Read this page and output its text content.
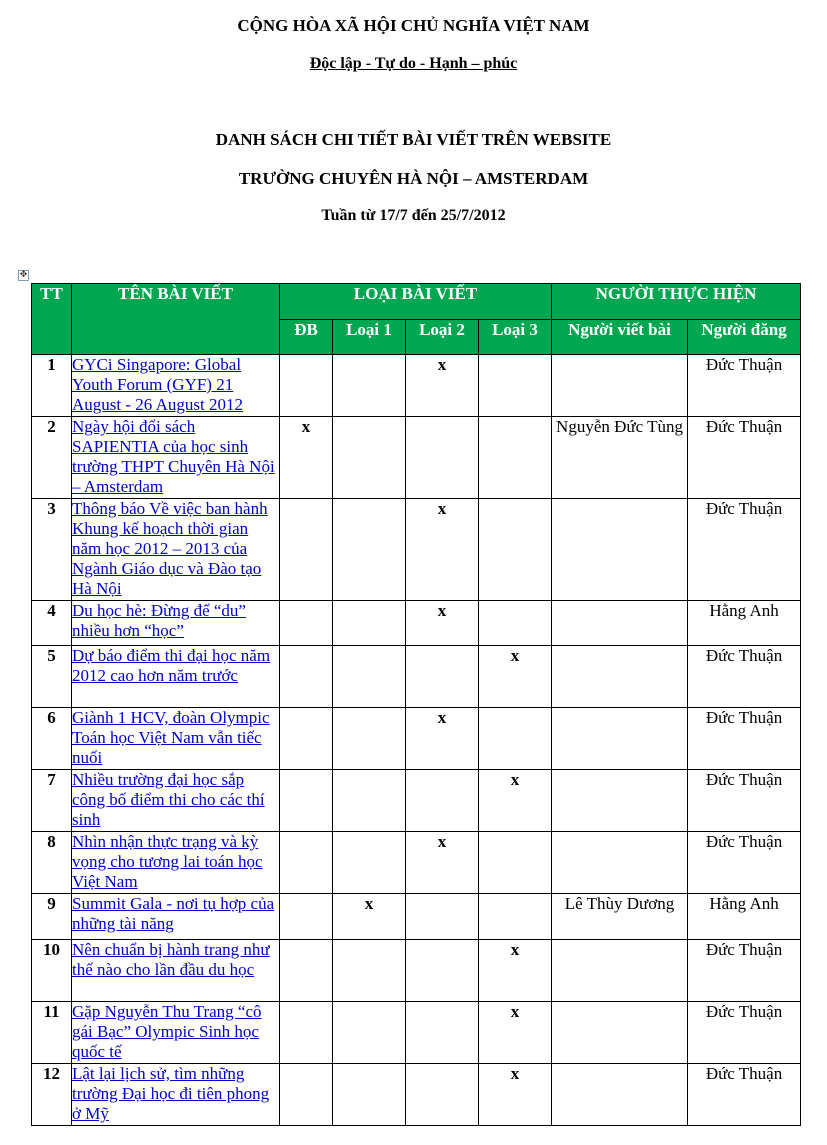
CỘNG HÒA XÃ HỘI CHỦ NGHĨA VIỆT NAM
Độc lập - Tự do - Hạnh – phúc
DANH SÁCH CHI TIẾT BÀI VIẾT TRÊN WEBSITE
TRƯỜNG CHUYÊN HÀ NỘI – AMSTERDAM
Tuần từ 17/7 đến 25/7/2012
✥
TT	TÊN BÀI VIẾT	LOẠI BÀI VIẾT				NGƯỜI THỰC HIỆN	
		ĐB	Loại 1	Loại 2	Loại 3	Người viết bài	Người đăng
1	GYCi Singapore: Global Youth Forum (GYF) 21 August - 26 August 2012			x			Đức Thuận
2	Ngày hội đổi sách SAPIENTIA của học sinh trường THPT Chuyên Hà Nội – Amsterdam	x				Nguyễn Đức Tùng	Đức Thuận
3	Thông báo Về việc ban hành Khung kế hoạch thời gian năm học 2012 – 2013 của Ngành Giáo dục và Đào tạo Hà Nội			x			Đức Thuận
4	Du học hè: Đừng để “du” nhiều hơn “học”			x			Hằng Anh
5	Dự báo điểm thi đại học năm 2012 cao hơn năm trước				x		Đức Thuận
6	Giành 1 HCV, đoàn Olympic Toán học Việt Nam vẫn tiếc nuối			x			Đức Thuận
7	Nhiều trường đại học sắp công bố điểm thi cho các thí sinh				x		Đức Thuận
8	Nhìn nhận thực trạng và kỳ vọng cho tương lai toán học Việt Nam			x			Đức Thuận
9	Summit Gala - nơi tụ hợp của những tài năng		x			Lê Thùy Dương	Hằng Anh
10	Nên chuẩn bị hành trang như thế nào cho lần đầu du học				x		Đức Thuận
11	Gặp Nguyễn Thu Trang “cô gái Bạc” Olympic Sinh học quốc tế				x		Đức Thuận
12	Lật lại lịch sử, tìm những trường Đại học đi tiên phong ở Mỹ				x		Đức Thuận
